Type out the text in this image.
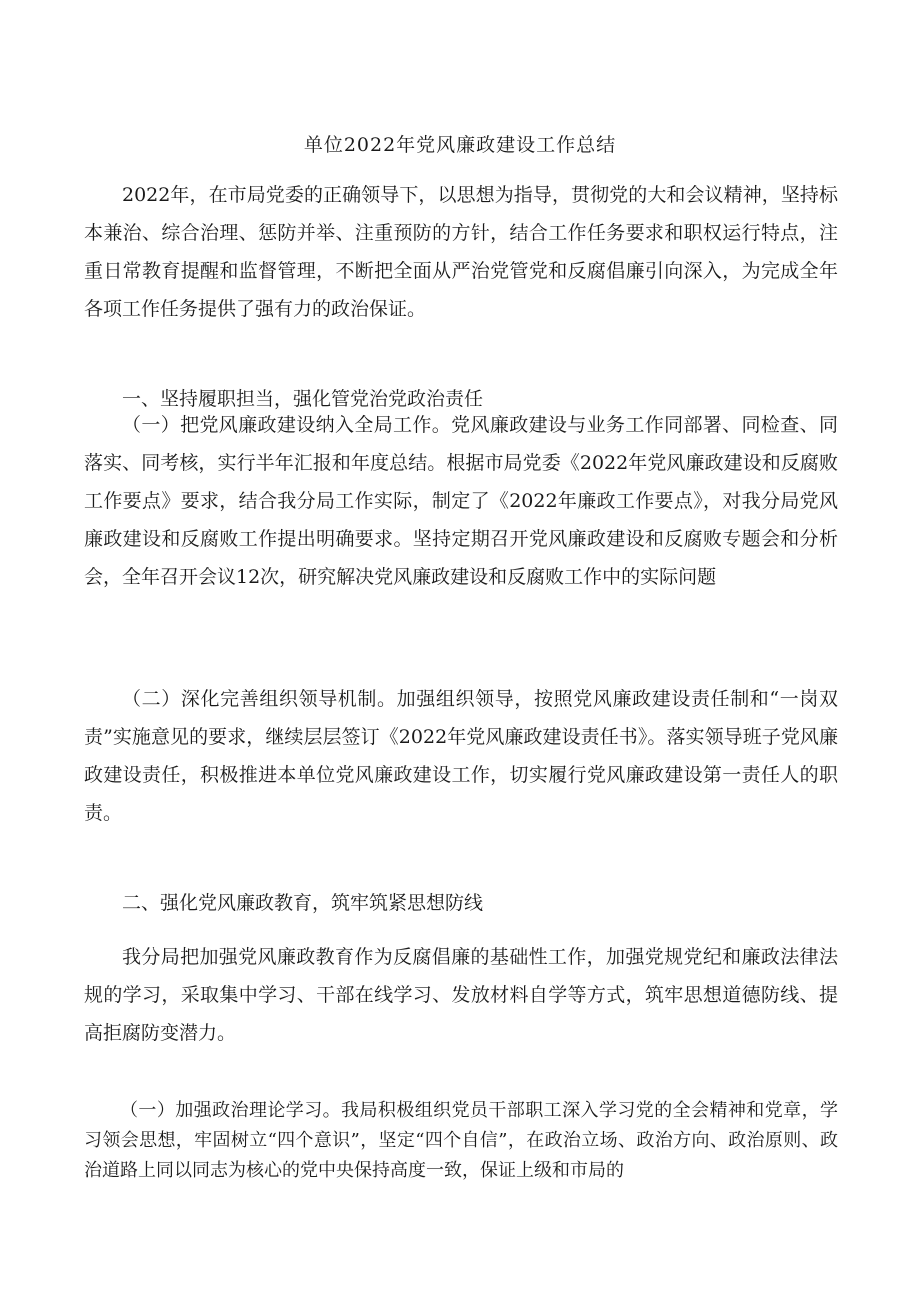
单位2022年党风廉政建设工作总结
2022年，在市局党委的正确领导下，以思想为指导，贯彻党的大和会议精神，坚持标本兼治、综合治理、惩防并举、注重预防的方针，结合工作任务要求和职权运行特点，注重日常教育提醒和监督管理，不断把全面从严治党管党和反腐倡廉引向深入，为完成全年各项工作任务提供了强有力的政治保证。
一、坚持履职担当，强化管党治党政治责任
（一）把党风廉政建设纳入全局工作。党风廉政建设与业务工作同部署、同检查、同落实、同考核，实行半年汇报和年度总结。根据市局党委《2022年党风廉政建设和反腐败工作要点》要求，结合我分局工作实际，制定了《2022年廉政工作要点》，对我分局党风廉政建设和反腐败工作提出明确要求。坚持定期召开党风廉政建设和反腐败专题会和分析会，全年召开会议12次，研究解决党风廉政建设和反腐败工作中的实际问题
（二）深化完善组织领导机制。加强组织领导，按照党风廉政建设责任制和“一岗双责”实施意见的要求，继续层层签订《2022年党风廉政建设责任书》。落实领导班子党风廉政建设责任，积极推进本单位党风廉政建设工作，切实履行党风廉政建设第一责任人的职责。
二、强化党风廉政教育，筑牢筑紧思想防线
我分局把加强党风廉政教育作为反腐倡廉的基础性工作，加强党规党纪和廉政法律法规的学习，采取集中学习、干部在线学习、发放材料自学等方式，筑牢思想道德防线、提高拒腐防变潜力。
（一）加强政治理论学习。我局积极组织党员干部职工深入学习党的全会精神和党章，学习领会思想，牢固树立“四个意识”，坚定“四个自信”，在政治立场、政治方向、政治原则、政治道路上同以同志为核心的党中央保持高度一致，保证上级和市局的
